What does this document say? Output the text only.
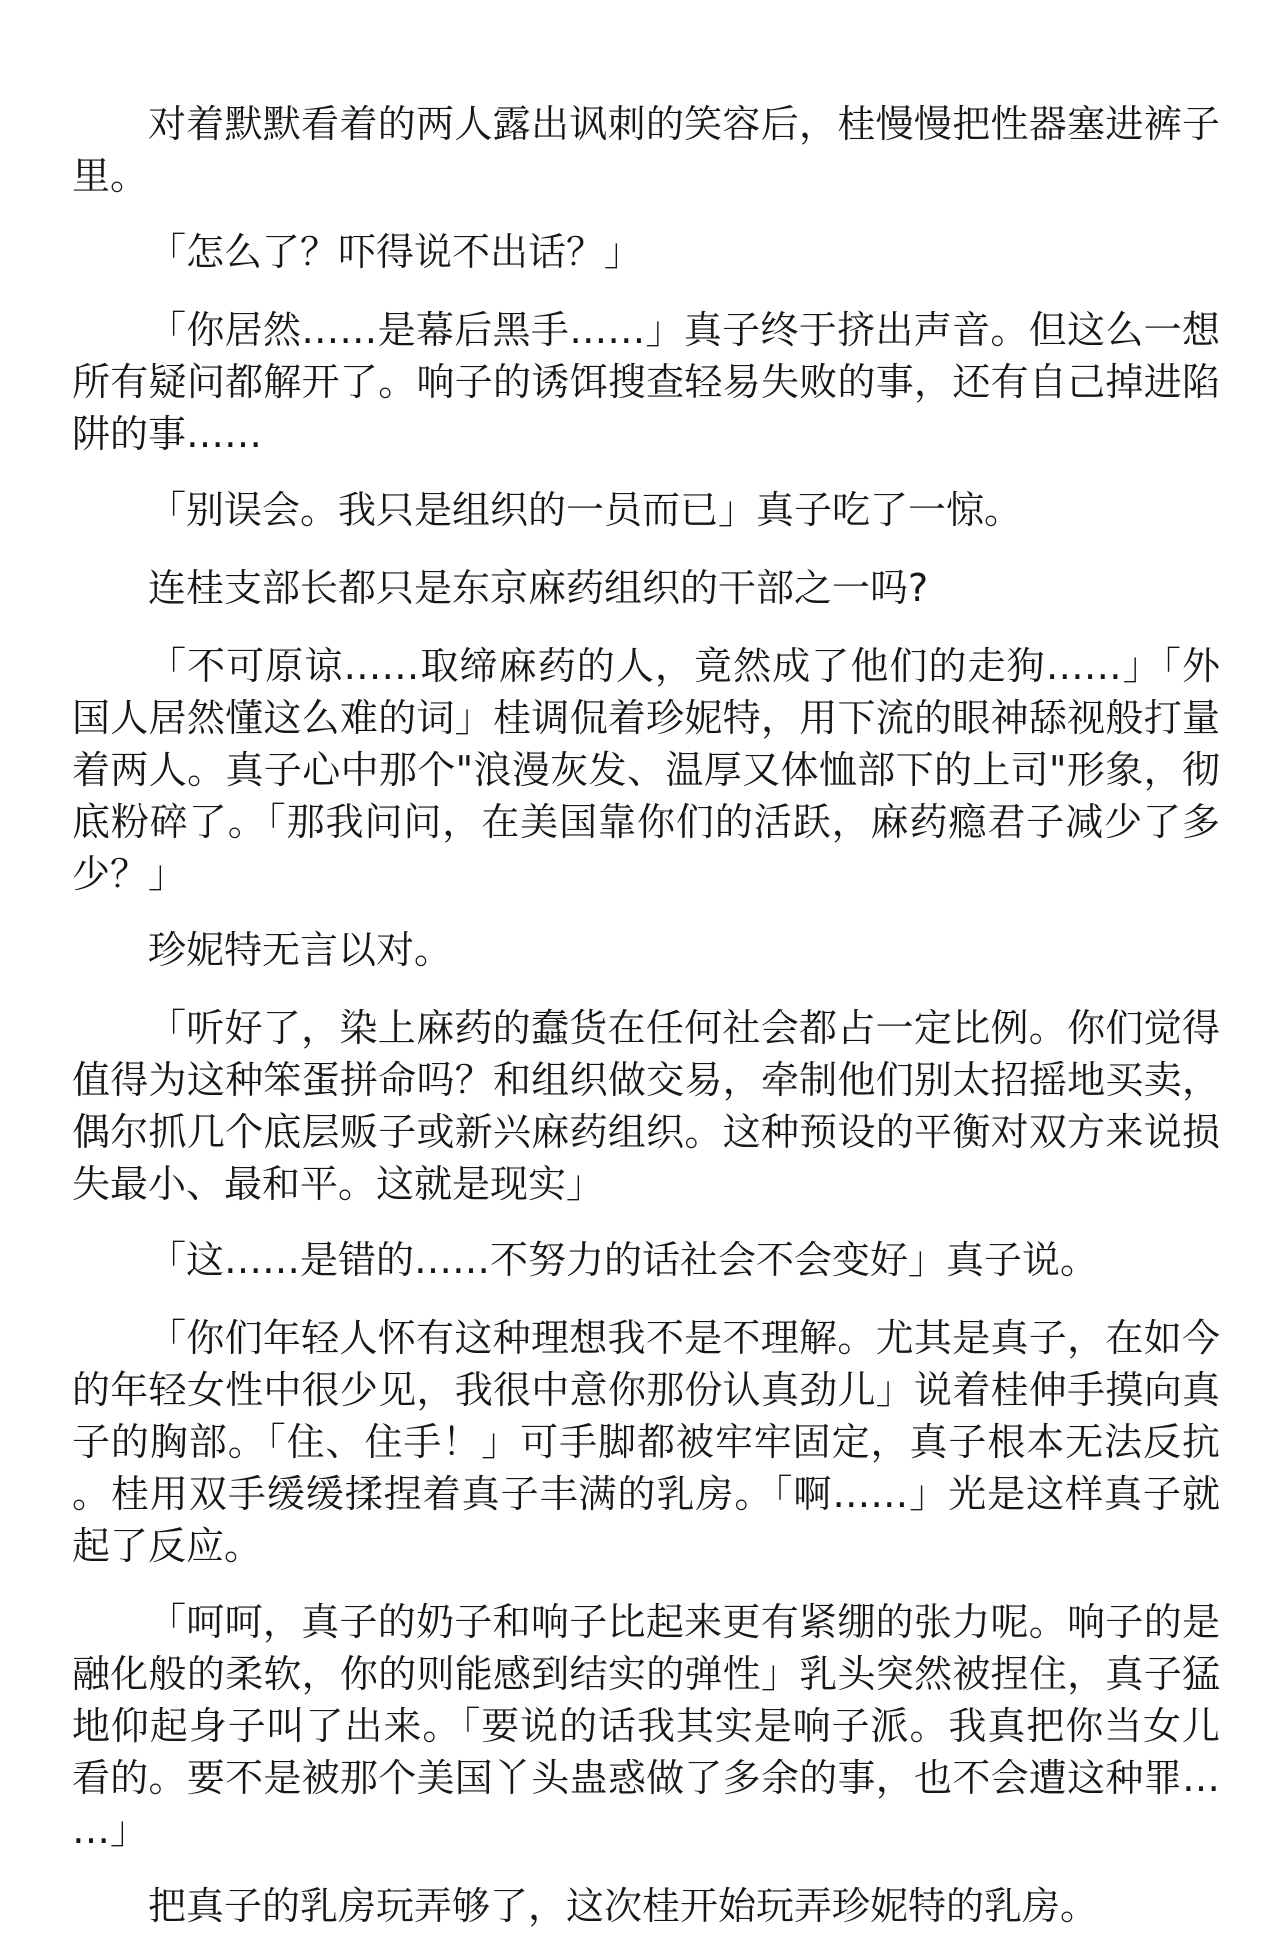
对着默默看着的两人露出讽刺的笑容后，桂慢慢把性器塞进裤子里。

「怎么了？吓得说不出话？」

「你居然……是幕后黑手……」真子终于挤出声音。但这么一想所有疑问都解开了。响子的诱饵搜查轻易失败的事，还有自己掉进陷阱的事……

「别误会。我只是组织的一员而已」真子吃了一惊。

连桂支部长都只是东京麻药组织的干部之一吗?

「不可原谅……取缔麻药的人，竟然成了他们的走狗……」「外国人居然懂这么难的词」桂调侃着珍妮特，用下流的眼神舔视般打量着两人。真子心中那个"浪漫灰发、温厚又体恤部下的上司"形象，彻底粉碎了。「那我问问，在美国靠你们的活跃，麻药瘾君子减少了多少？」

珍妮特无言以对。

「听好了，染上麻药的蠢货在任何社会都占一定比例。你们觉得值得为这种笨蛋拼命吗？和组织做交易，牵制他们别太招摇地买卖，偶尔抓几个底层贩子或新兴麻药组织。这种预设的平衡对双方来说损失最小、最和平。这就是现实」

「这……是错的……不努力的话社会不会变好」真子说。

「你们年轻人怀有这种理想我不是不理解。尤其是真子，在如今的年轻女性中很少见，我很中意你那份认真劲儿」说着桂伸手摸向真子的胸部。「住、住手！」可手脚都被牢牢固定，真子根本无法反抗。桂用双手缓缓揉捏着真子丰满的乳房。「啊……」光是这样真子就起了反应。

「呵呵，真子的奶子和响子比起来更有紧绷的张力呢。响子的是融化般的柔软，你的则能感到结实的弹性」乳头突然被捏住，真子猛地仰起身子叫了出来。「要说的话我其实是响子派。我真把你当女儿看的。要不是被那个美国丫头蛊惑做了多余的事，也不会遭这种罪……」

把真子的乳房玩弄够了，这次桂开始玩弄珍妮特的乳房。
